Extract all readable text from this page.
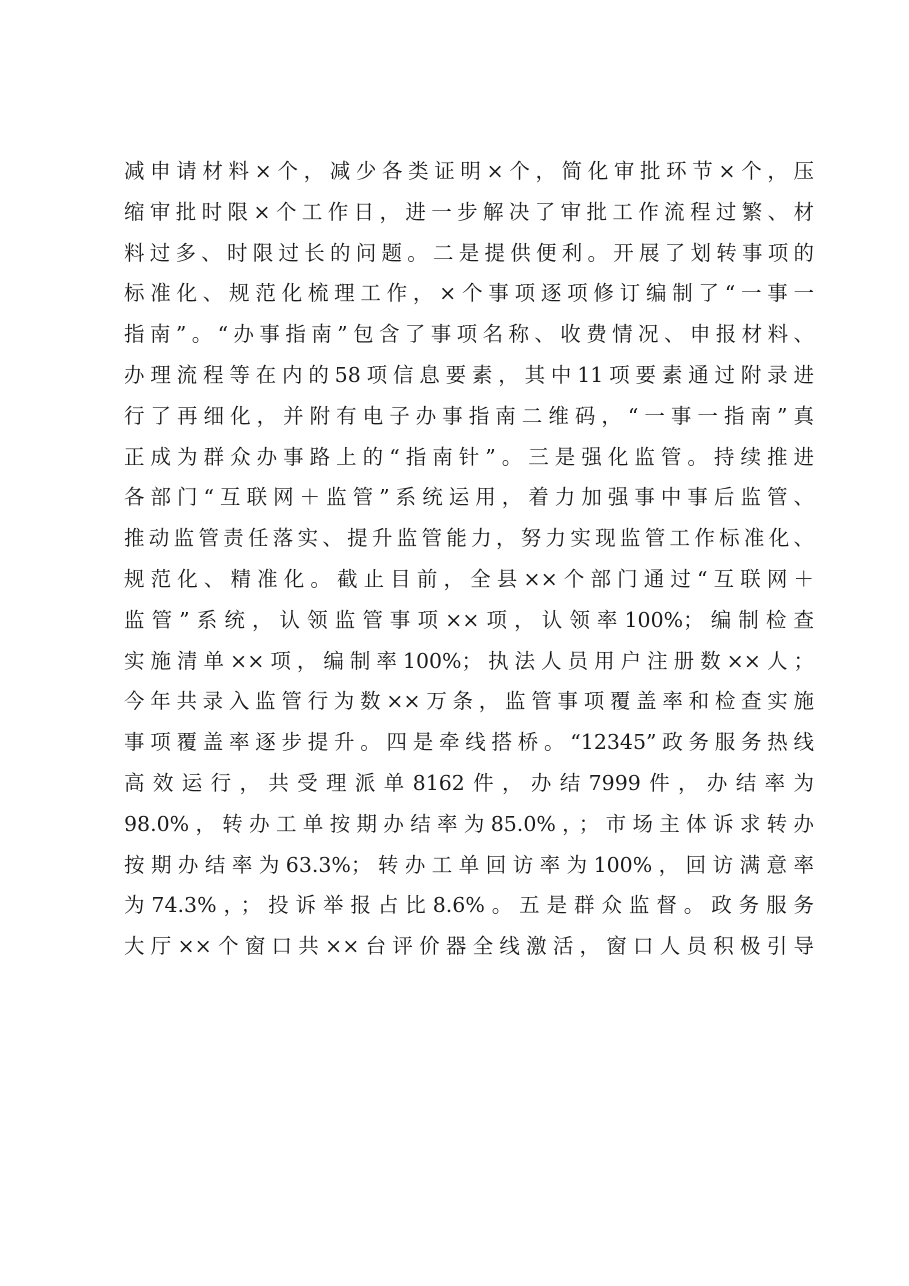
减申请材料×个，减少各类证明×个，简化审批环节×个，压
缩审批时限×个工作日，进一步解决了审批工作流程过繁、材
料过多、时限过长的问题。二是提供便利。开展了划转事项的
标准化、规范化梳理工作，×个事项逐项修订编制了“一事一
指南”。“办事指南”包含了事项名称、收费情况、申报材料、
办理流程等在内的58项信息要素，其中11项要素通过附录进
行了再细化，并附有电子办事指南二维码，“一事一指南”真
正成为群众办事路上的“指南针”。三是强化监管。持续推进
各部门“互联网＋监管”系统运用，着力加强事中事后监管、
推动监管责任落实、提升监管能力，努力实现监管工作标准化、
规范化、精准化。截止目前，全县××个部门通过“互联网＋
监管”系统，认领监管事项××项，认领率100%；编制检查
实施清单××项，编制率100%；执法人员用户注册数××人；
今年共录入监管行为数××万条，监管事项覆盖率和检查实施
事项覆盖率逐步提升。四是牵线搭桥。“12345”政务服务热线
高效运行，共受理派单8162件，办结7999件，办结率为
98.0%，转办工单按期办结率为85.0%，；市场主体诉求转办
按期办结率为63.3%；转办工单回访率为100%，回访满意率
为74.3%，；投诉举报占比8.6%。五是群众监督。政务服务
大厅××个窗口共××台评价器全线激活，窗口人员积极引导
